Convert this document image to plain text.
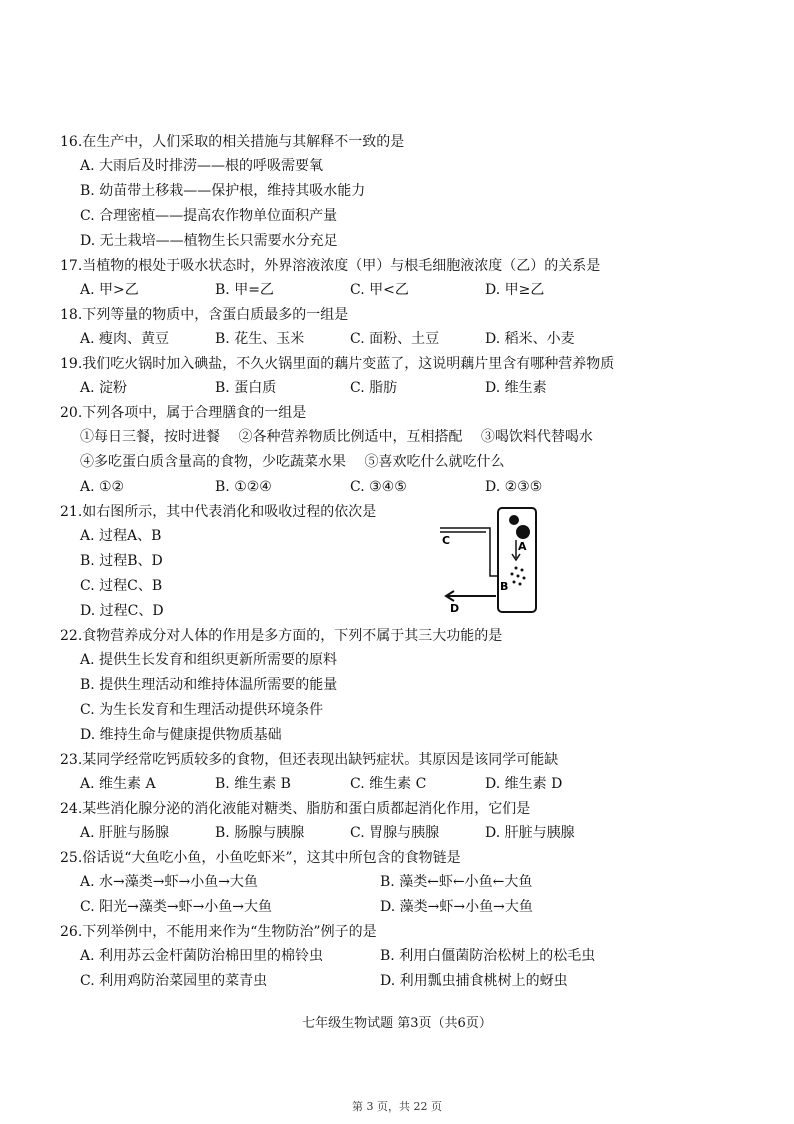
16.在生产中，人们采取的相关措施与其解释不一致的是
A. 大雨后及时排涝——根的呼吸需要氧
B. 幼苗带土移栽——保护根，维持其吸水能力
C. 合理密植——提高农作物单位面积产量
D. 无土栽培——植物生长只需要水分充足
17.当植物的根处于吸水状态时，外界溶液浓度（甲）与根毛细胞液浓度（乙）的关系是
A. 甲>乙	B. 甲=乙	C. 甲<乙	D. 甲≥乙
18.下列等量的物质中，含蛋白质最多的一组是
A. 瘦肉、黄豆	B. 花生、玉米	C. 面粉、土豆	D. 稻米、小麦
19.我们吃火锅时加入碘盐，不久火锅里面的藕片变蓝了，这说明藕片里含有哪种营养物质
A. 淀粉	B. 蛋白质	C. 脂肪	D. 维生素
20.下列各项中，属于合理膳食的一组是
①每日三餐，按时进餐 ②各种营养物质比例适中，互相搭配 ③喝饮料代替喝水
④多吃蛋白质含量高的食物，少吃蔬菜水果 ⑤喜欢吃什么就吃什么
A. ①②	B. ①②④	C. ③④⑤	D. ②③⑤
21.如右图所示，其中代表消化和吸收过程的依次是
A. 过程A、B
B. 过程B、D
C. 过程C、B
D. 过程C、D
A
B
C
D
22.食物营养成分对人体的作用是多方面的，下列不属于其三大功能的是
A. 提供生长发育和组织更新所需要的原料
B. 提供生理活动和维持体温所需要的能量
C. 为生长发育和生理活动提供环境条件
D. 维持生命与健康提供物质基础
23.某同学经常吃钙质较多的食物，但还表现出缺钙症状。其原因是该同学可能缺
A. 维生素 A	B. 维生素 B	C. 维生素 C	D. 维生素 D
24.某些消化腺分泌的消化液能对糖类、脂肪和蛋白质都起消化作用，它们是
A. 肝脏与肠腺	B. 肠腺与胰腺	C. 胃腺与胰腺	D. 肝脏与胰腺
25.俗话说“大鱼吃小鱼，小鱼吃虾米”，这其中所包含的食物链是
A. 水→藻类→虾→小鱼→大鱼	B. 藻类←虾←小鱼←大鱼
C. 阳光→藻类→虾→小鱼→大鱼	D. 藻类→虾→小鱼→大鱼
26.下列举例中，不能用来作为“生物防治”例子的是
A. 利用苏云金杆菌防治棉田里的棉铃虫	B. 利用白僵菌防治松树上的松毛虫
C. 利用鸡防治菜园里的菜青虫	D. 利用瓢虫捕食桃树上的蚜虫
七年级生物试题 第3页（共6页）
第 3 页，共 22 页
